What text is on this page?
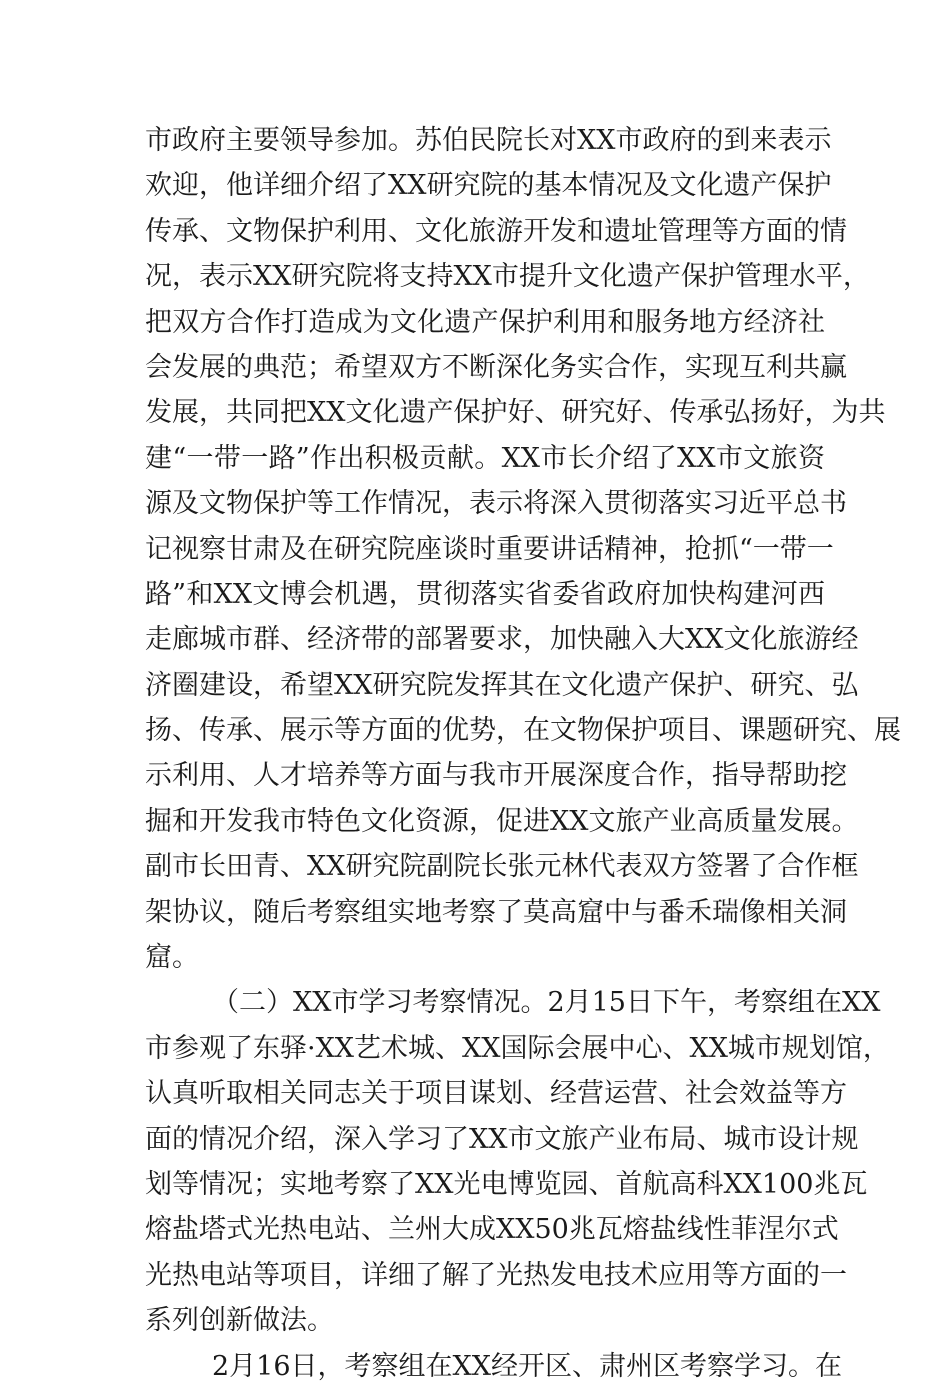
市政府主要领导参加。苏伯民院长对XX市政府的到来表示
欢迎，他详细介绍了XX研究院的基本情况及文化遗产保护
传承、文物保护利用、文化旅游开发和遗址管理等方面的情
况，表示XX研究院将支持XX市提升文化遗产保护管理水平，
把双方合作打造成为文化遗产保护利用和服务地方经济社
会发展的典范；希望双方不断深化务实合作，实现互利共赢
发展，共同把XX文化遗产保护好、研究好、传承弘扬好，为共
建“一带一路”作出积极贡献。XX市长介绍了XX市文旅资
源及文物保护等工作情况，表示将深入贯彻落实习近平总书
记视察甘肃及在研究院座谈时重要讲话精神，抢抓“一带一
路”和XX文博会机遇，贯彻落实省委省政府加快构建河西
走廊城市群、经济带的部署要求，加快融入大XX文化旅游经
济圈建设，希望XX研究院发挥其在文化遗产保护、研究、弘
扬、传承、展示等方面的优势，在文物保护项目、课题研究、展
示利用、人才培养等方面与我市开展深度合作，指导帮助挖
掘和开发我市特色文化资源，促进XX文旅产业高质量发展。
副市长田青、XX研究院副院长张元林代表双方签署了合作框
架协议，随后考察组实地考察了莫高窟中与番禾瑞像相关洞
窟。
（二）XX市学习考察情况。2月15日下午，考察组在XX
市参观了东驿·XX艺术城、XX国际会展中心、XX城市规划馆，
认真听取相关同志关于项目谋划、经营运营、社会效益等方
面的情况介绍，深入学习了XX市文旅产业布局、城市设计规
划等情况；实地考察了XX光电博览园、首航高科XX100兆瓦
熔盐塔式光热电站、兰州大成XX50兆瓦熔盐线性菲涅尔式
光热电站等项目，详细了解了光热发电技术应用等方面的一
系列创新做法。
2月16日，考察组在XX经开区、肃州区考察学习。在
